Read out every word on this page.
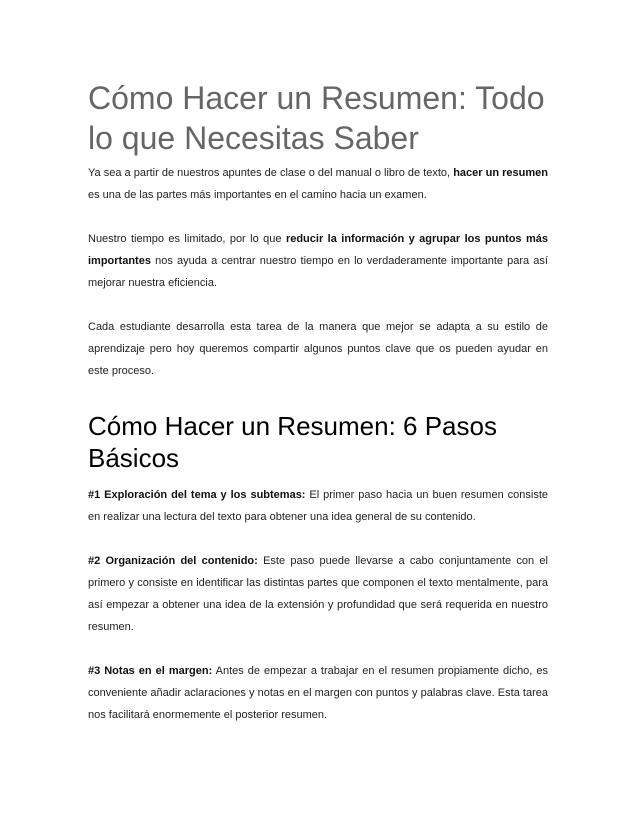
Cómo Hacer un Resumen: Todo lo que Necesitas Saber

Ya sea a partir de nuestros apuntes de clase o del manual o libro de texto, hacer un resumen es una de las partes más importantes en el camino hacia un examen.

Nuestro tiempo es limitado, por lo que reducir la información y agrupar los puntos más importantes nos ayuda a centrar nuestro tiempo en lo verdaderamente importante para así mejorar nuestra eficiencia.

Cada estudiante desarrolla esta tarea de la manera que mejor se adapta a su estilo de aprendizaje pero hoy queremos compartir algunos puntos clave que os pueden ayudar en este proceso.

Cómo Hacer un Resumen: 6 Pasos Básicos

#1 Exploración del tema y los subtemas: El primer paso hacia un buen resumen consiste en realizar una lectura del texto para obtener una idea general de su contenido.

#2 Organización del contenido: Este paso puede llevarse a cabo conjuntamente con el primero y consiste en identificar las distintas partes que componen el texto mentalmente, para así empezar a obtener una idea de la extensión y profundidad que será requerida en nuestro resumen.

#3 Notas en el margen: Antes de empezar a trabajar en el resumen propiamente dicho, es conveniente añadir aclaraciones y notas en el margen con puntos y palabras clave. Esta tarea nos facilitará enormemente el posterior resumen.
